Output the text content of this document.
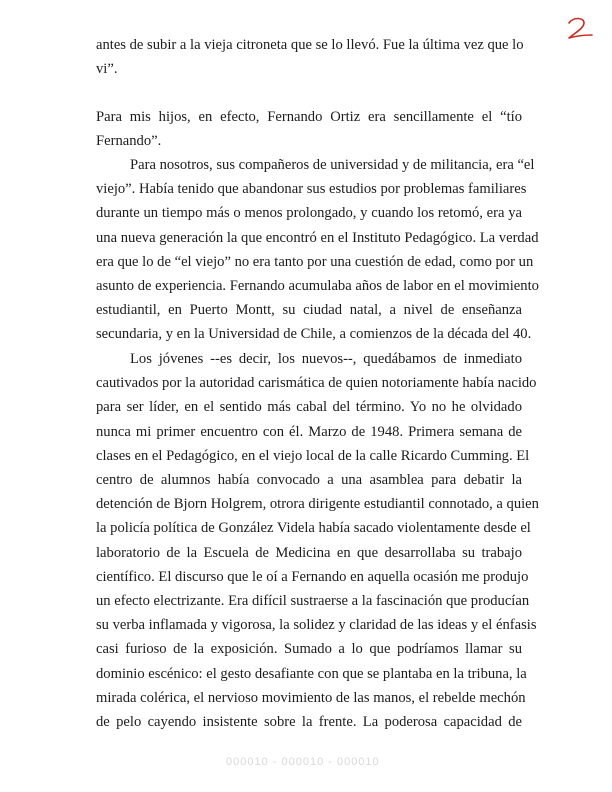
antes de subir a la vieja citroneta que se lo llevó. Fue la última vez que lo
vi”.

Para mis hijos, en efecto, Fernando Ortiz era sencillamente el “tío
Fernando”.

Para nosotros, sus compañeros de universidad y de militancia, era “el
viejo”. Había tenido que abandonar sus estudios por problemas familiares
durante un tiempo más o menos prolongado, y cuando los retomó, era ya
una nueva generación la que encontró en el Instituto Pedagógico. La verdad
era que lo de “el viejo” no era tanto por una cuestión de edad, como por un
asunto de experiencia. Fernando acumulaba años de labor en el movimiento
estudiantil, en Puerto Montt, su ciudad natal, a nivel de enseñanza
secundaria, y en la Universidad de Chile, a comienzos de la década del 40.

Los jóvenes --es decir, los nuevos--, quedábamos de inmediato
cautivados por la autoridad carismática de quien notoriamente había nacido
para ser líder, en el sentido más cabal del término. Yo no he olvidado
nunca mi primer encuentro con él. Marzo de 1948. Primera semana de
clases en el Pedagógico, en el viejo local de la calle Ricardo Cumming. El
centro de alumnos había convocado a una asamblea para debatir la
detención de Bjorn Holgrem, otrora dirigente estudiantil connotado, a quien
la policía política de González Videla había sacado violentamente desde el
laboratorio de la Escuela de Medicina en que desarrollaba su trabajo
científico. El discurso que le oí a Fernando en aquella ocasión me produjo
un efecto electrizante. Era difícil sustraerse a la fascinación que producían
su verba inflamada y vigorosa, la solidez y claridad de las ideas y el énfasis
casi furioso de la exposición. Sumado a lo que podríamos llamar su
dominio escénico: el gesto desafiante con que se plantaba en la tribuna, la
mirada colérica, el nervioso movimiento de las manos, el rebelde mechón
de pelo cayendo insistente sobre la frente. La poderosa capacidad de

000010 - 000010 - 000010
